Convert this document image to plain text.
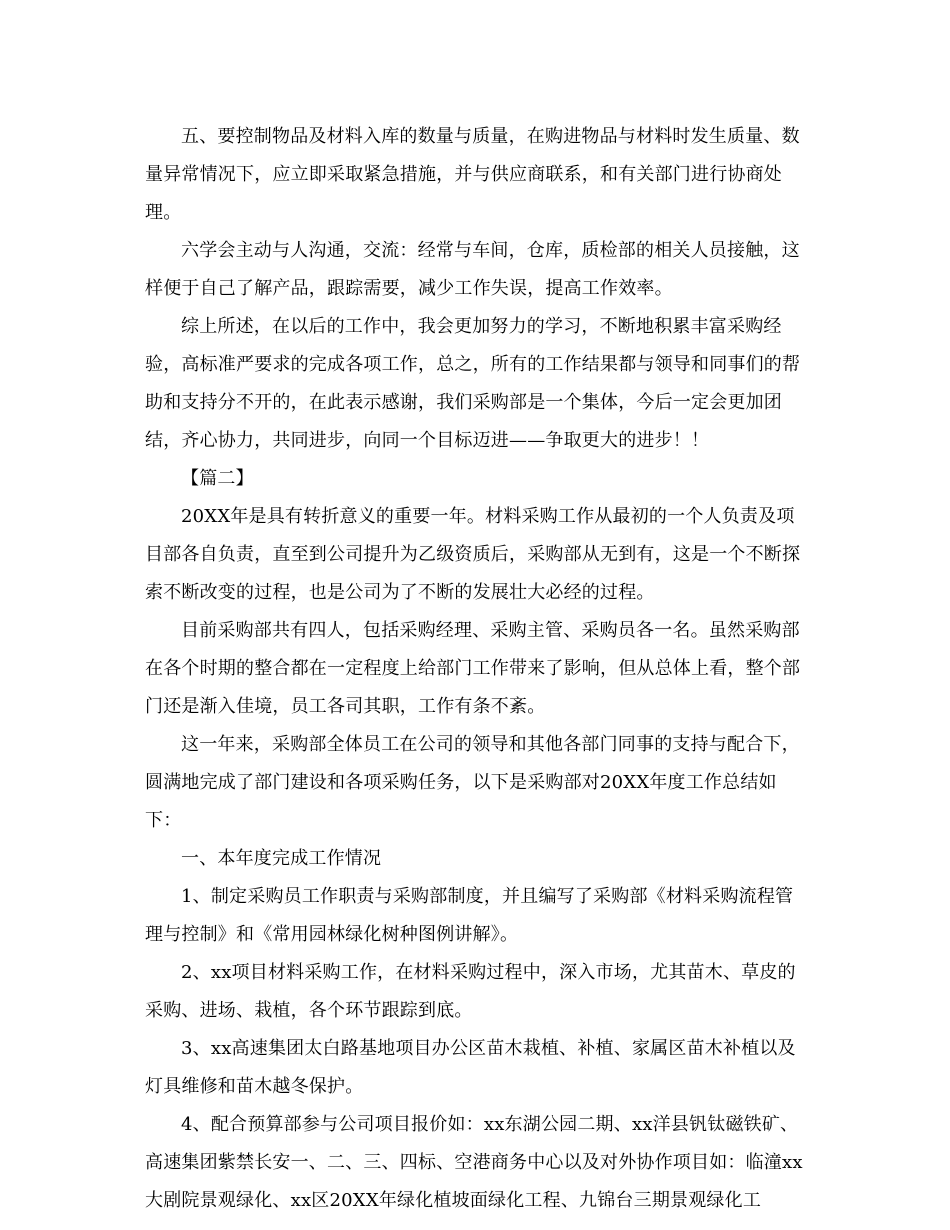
五、要控制物品及材料入库的数量与质量，在购进物品与材料时发生质量、数量异常情况下，应立即采取紧急措施，并与供应商联系，和有关部门进行协商处理。

六学会主动与人沟通，交流：经常与车间，仓库，质检部的相关人员接触，这样便于自己了解产品，跟踪需要，减少工作失误，提高工作效率。

综上所述，在以后的工作中，我会更加努力的学习，不断地积累丰富采购经验，高标准严要求的完成各项工作，总之，所有的工作结果都与领导和同事们的帮助和支持分不开的，在此表示感谢，我们采购部是一个集体，今后一定会更加团结，齐心协力，共同进步，向同一个目标迈进——争取更大的进步！！

【篇二】

20XX年是具有转折意义的重要一年。材料采购工作从最初的一个人负责及项目部各自负责，直至到公司提升为乙级资质后，采购部从无到有，这是一个不断探索不断改变的过程，也是公司为了不断的发展壮大必经的过程。

目前采购部共有四人，包括采购经理、采购主管、采购员各一名。虽然采购部在各个时期的整合都在一定程度上给部门工作带来了影响，但从总体上看，整个部门还是渐入佳境，员工各司其职，工作有条不紊。

这一年来，采购部全体员工在公司的领导和其他各部门同事的支持与配合下，圆满地完成了部门建设和各项采购任务，以下是采购部对20XX年度工作总结如下：

一、本年度完成工作情况

1、制定采购员工作职责与采购部制度，并且编写了采购部《材料采购流程管理与控制》和《常用园林绿化树种图例讲解》。

2、xx项目材料采购工作，在材料采购过程中，深入市场，尤其苗木、草皮的采购、进场、栽植，各个环节跟踪到底。

3、xx高速集团太白路基地项目办公区苗木栽植、补植、家属区苗木补植以及灯具维修和苗木越冬保护。

4、配合预算部参与公司项目报价如：xx东湖公园二期、xx洋县钒钛磁铁矿、高速集团紫禁长安一、二、三、四标、空港商务中心以及对外协作项目如：临潼xx大剧院景观绿化、xx区20XX年绿化植坡面绿化工程、九锦台三期景观绿化工
